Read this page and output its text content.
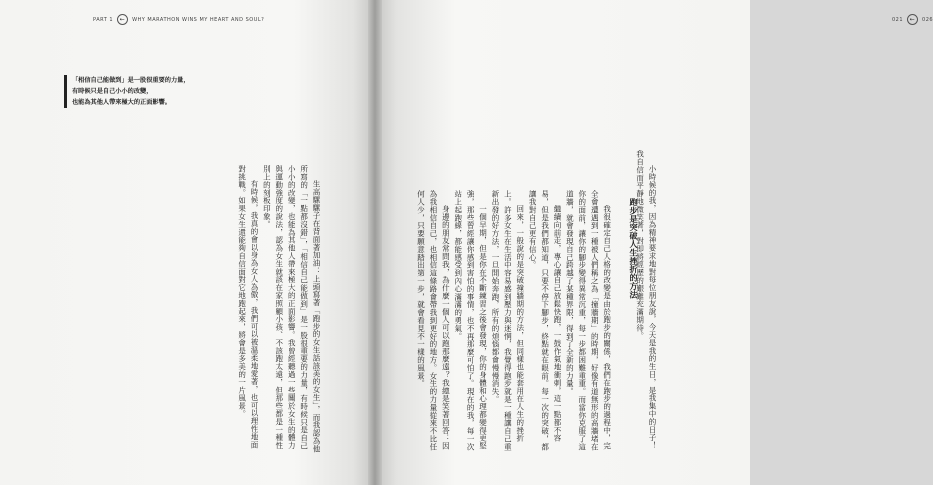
PART 1	←	WHY MARATHON WINS MY HEART AND SOUL?
「相信自己能做到」是一股很重要的力量，
有時候只是自己小小的改變，
也能為其他人帶來極大的正面影響。
021	←	026

小時候的我，因為精神要求地對每位朋友說，今天是我的生日，是我集中的日子！我自信而平靜地微笑著，對即將經歷的艱難充滿期待。

跑步是突破人生挫折的方法

我很確定自己人格的改變是由於跑步的關係，我們在跑步的過程中，完全會遭遇到一種被人們稱之為「撞牆期」的時期，好像有道無形的高牆堵在你的面前，讓你的腳步變得異常沉重，每一步都困難重重。而當你克服了這道牆，就會發現自己跨越了某種界限，得到了全新的力量。

繼續向前走，專心讓自己放鬆快跑，一鼓作氣地衝刺，這一點都不容易，但是我們都知道，只要不停下腳步，終點就在眼前。每一次的突破，都讓我對自己更有信心。

回來，一般說的是突破撞牆期的方法，但同樣也能套用在人生的挫折上。許多女生在生活中容易感到壓力與迷惘，我覺得跑步就是一種讓自己重新出發的好方法，一旦開始奔跑，所有的煩惱都會慢慢消失。

一個早期，但是你在不斷練習之後會發現，你的身體和心理都變得更堅強，那些曾經讓你感到害怕的事情，也不再那麼可怕了。現在的我，每一次站上起跑線，都能感受到內心滿滿的勇氣。

身邊的朋友常問我，為什麼一個人可以跑那麼遠？我總是笑著回答：因為我相信自己，也相信這條路會帶我到更好的地方。女生的力量從來不比任何人少，只要願意踏出第一步，就會看見不一樣的風景。

生高騾騾子在背面著加油：上頭寫著「跑步的女生話該美的女生」，而我認為他所寫的「一點都沒錯」，「相信自己能做到」是一股很重要的力量，有時候只是自己小小的改變，也能為其他人帶來極大的正面影響。我曾經聽過一些關於女生的體力與運動強度的說法，認為女生就該在家照顧小孩、不該跑太遠，但那些都是一種性別上的刻板印象。

有時候，我真的會以身為女人為傲，我們可以被溫柔地愛著，也可以理性地面對挑戰。如果女生還能夠自信面對它地跑起來，將會是多美的一片風景。
